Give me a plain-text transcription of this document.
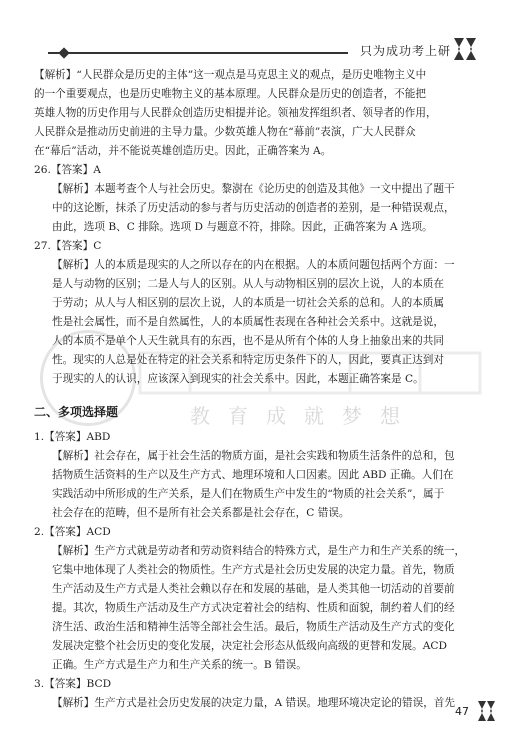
只为成功考上研
教育成就梦想

【解析】“人民群众是历史的主体”这一观点是马克思主义的观点，是历史唯物主义中

的一个重要观点，也是历史唯物主义的基本原理。人民群众是历史的创造者，不能把

英雄人物的历史作用与人民群众创造历史相提并论。领袖发挥组织者、领导者的作用，

人民群众是推动历史前进的主导力量。少数英雄人物在“幕前”表演，广大人民群众

在“幕后”活动，并不能说英雄创造历史。因此，正确答案为 A。

26.【答案】A

【解析】本题考查个人与社会历史。黎澍在《论历史的创造及其他》一文中提出了题干

中的这论断，抹杀了历史活动的参与者与历史活动的创造者的差别，是一种错误观点，

由此，选项 B、C 排除。选项 D 与题意不符，排除。因此，正确答案为 A 选项。

27.【答案】C

【解析】人的本质是现实的人之所以存在的内在根据。人的本质问题包括两个方面：一

是人与动物的区别；二是人与人的区别。从人与动物相区别的层次上说，人的本质在

于劳动；从人与人相区别的层次上说，人的本质是一切社会关系的总和。人的本质属

性是社会属性，而不是自然属性，人的本质属性表现在各种社会关系中。这就是说，

人的本质不是单个人天生就具有的东西，也不是从所有个体的人身上抽象出来的共同

性。现实的人总是处在特定的社会关系和特定历史条件下的人，因此，要真正达到对

于现实的人的认识，应该深入到现实的社会关系中。因此，本题正确答案是 C。

二、多项选择题
1.【答案】ABD

【解析】社会存在，属于社会生活的物质方面，是社会实践和物质生活条件的总和，包

括物质生活资料的生产以及生产方式、地理环境和人口因素。因此 ABD 正确。人们在

实践活动中所形成的生产关系，是人们在物质生产中发生的“物质的社会关系”，属于

社会存在的范畴，但不是所有社会关系都是社会存在，C 错误。

2.【答案】ACD

【解析】生产方式就是劳动者和劳动资料结合的特殊方式，是生产力和生产关系的统一，

它集中地体现了人类社会的物质性。生产方式是社会历史发展的决定力量。首先，物质

生产活动及生产方式是人类社会赖以存在和发展的基础，是人类其他一切活动的首要前

提。其次，物质生产活动及生产方式决定着社会的结构、性质和面貌，制约着人们的经

济生活、政治生活和精神生活等全部社会生活。最后，物质生产活动及生产方式的变化

发展决定整个社会历史的变化发展，决定社会形态从低级向高级的更替和发展。ACD

正确。生产方式是生产力和生产关系的统一。B 错误。

3.【答案】BCD

【解析】生产方式是社会历史发展的决定力量，A 错误。地理环境决定论的错误，首先

47
